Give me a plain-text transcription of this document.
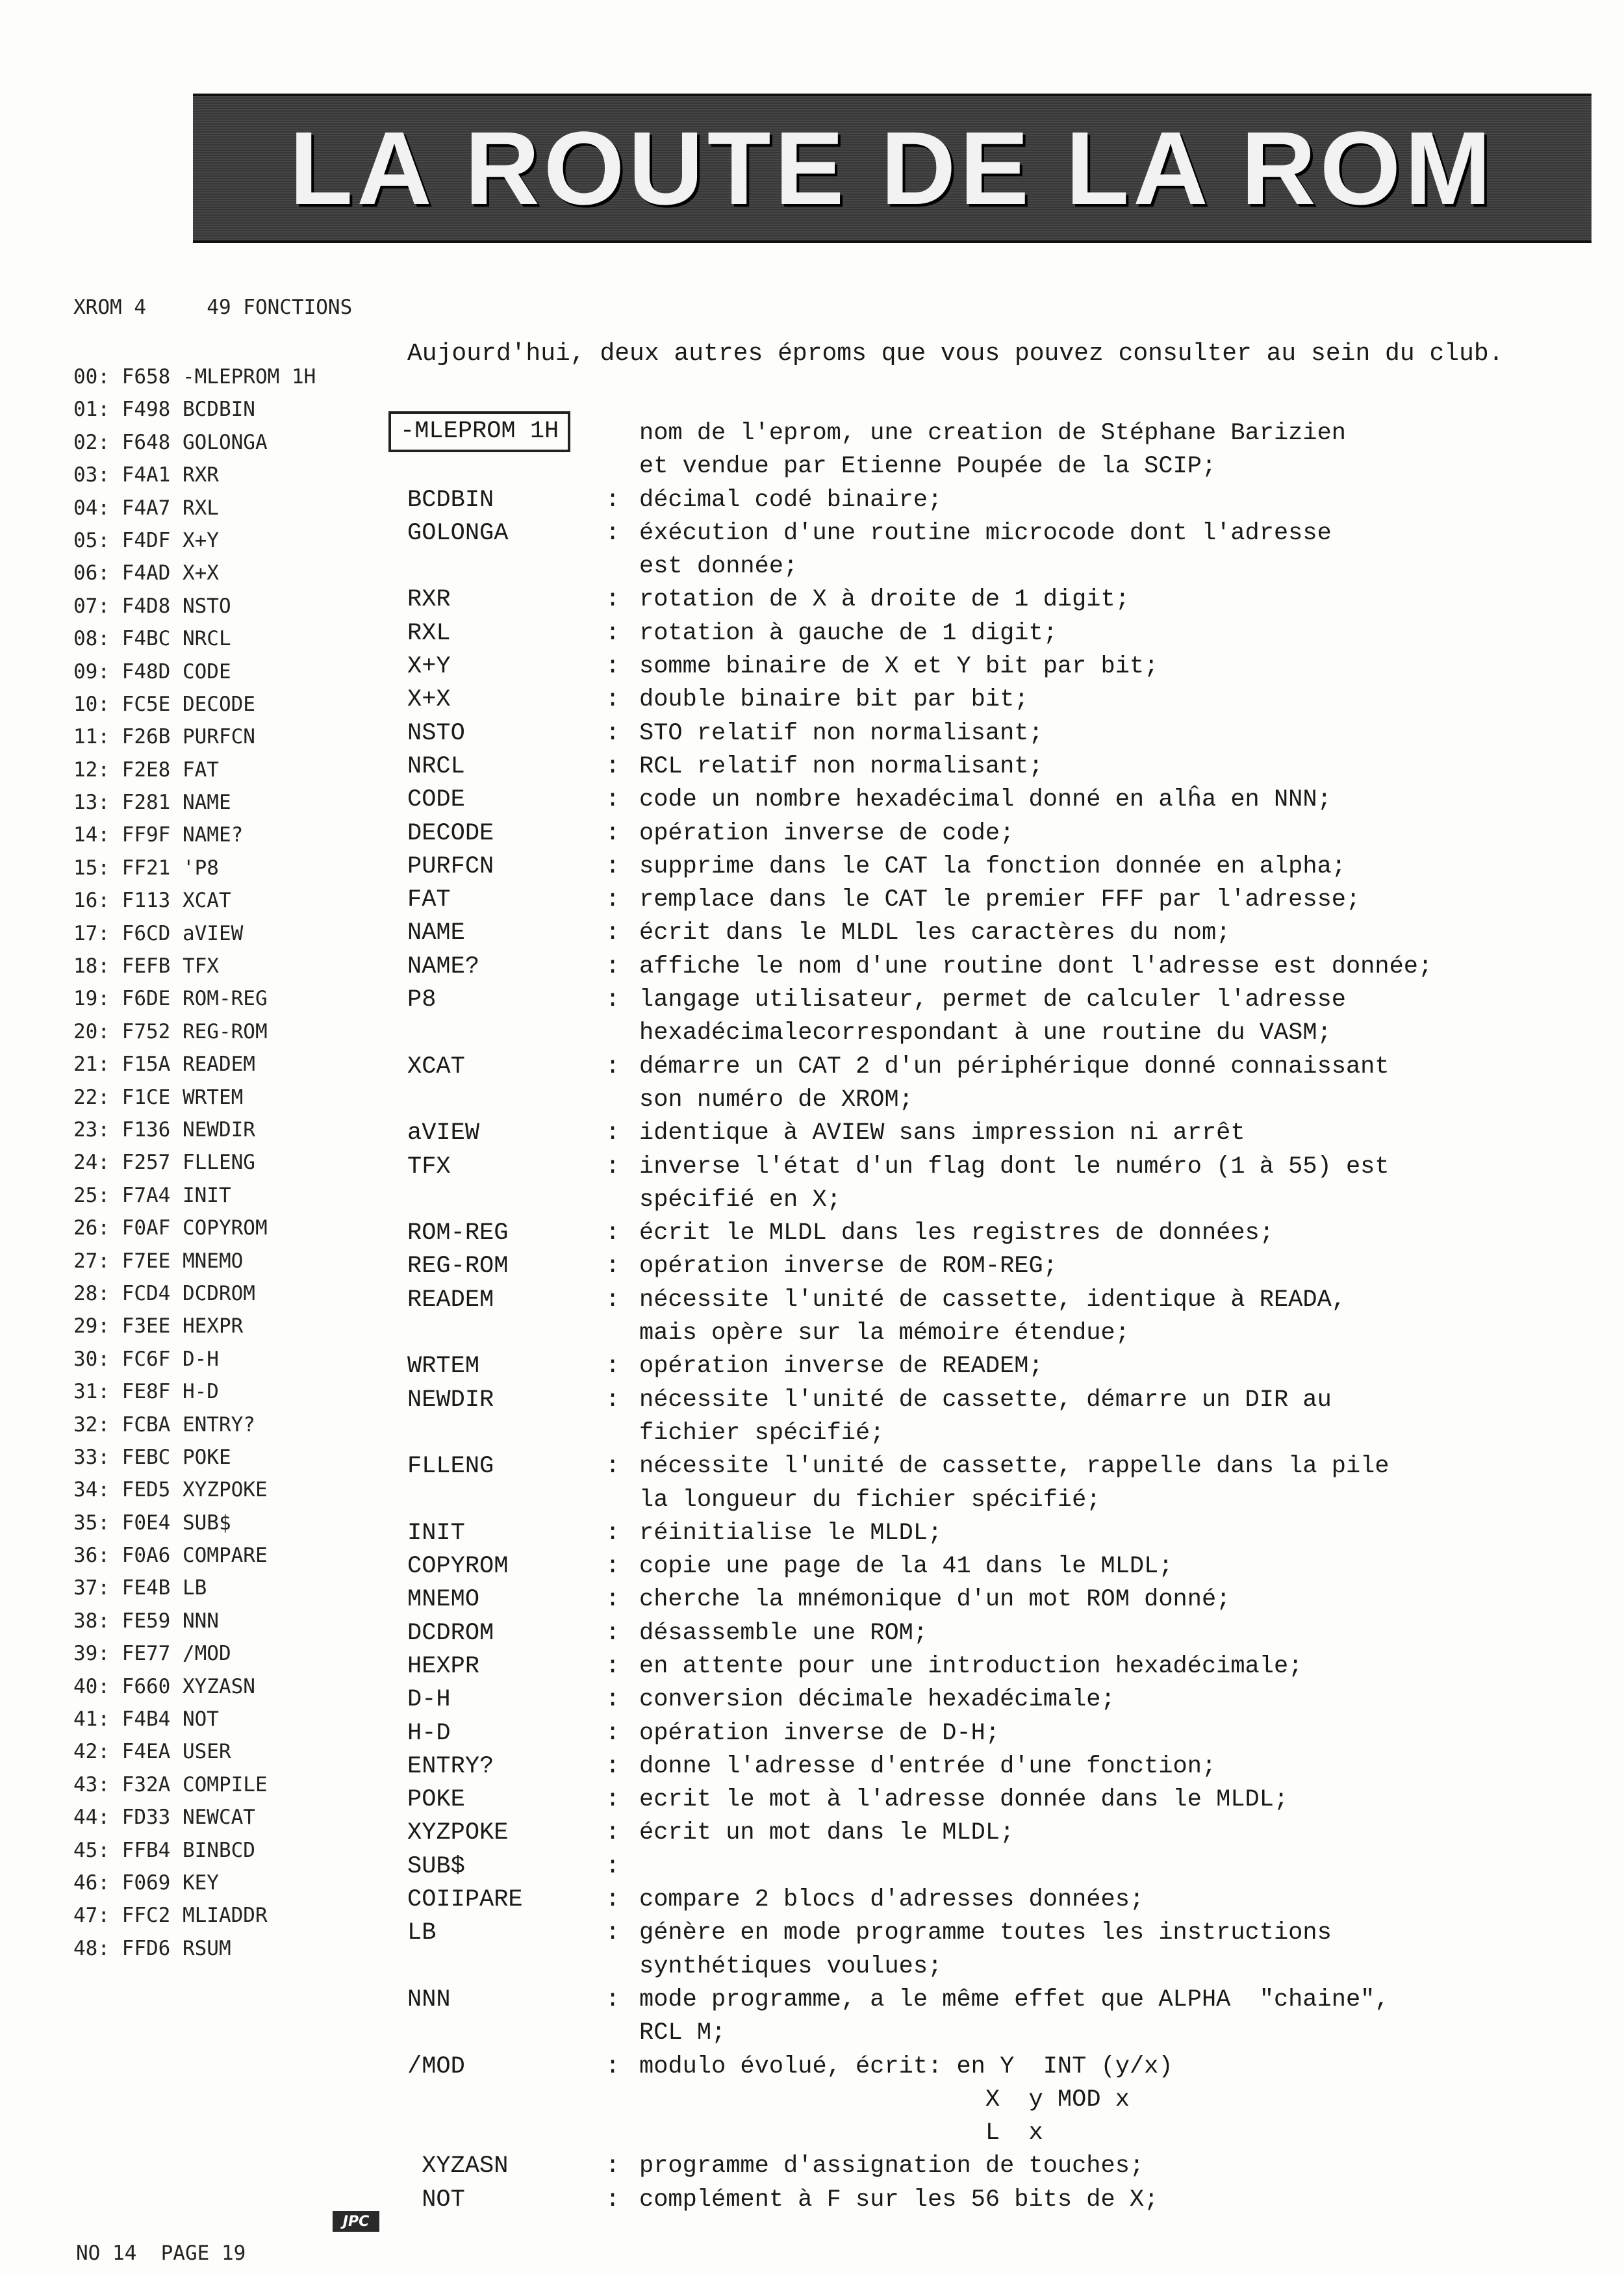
LA ROUTE DE LA ROM
XROM 4     49 FONCTIONS
00: F658 -MLEPROM 1H
01: F498 BCDBIN
02: F648 GOLONGA
03: F4A1 RXR
04: F4A7 RXL
05: F4DF X+Y
06: F4AD X+X
07: F4D8 NSTO
08: F4BC NRCL
09: F48D CODE
10: FC5E DECODE
11: F26B PURFCN
12: F2E8 FAT
13: F281 NAME
14: FF9F NAME?
15: FF21 'P8
16: F113 XCAT
17: F6CD aVIEW
18: FEFB TFX
19: F6DE ROM-REG
20: F752 REG-ROM
21: F15A READEM
22: F1CE WRTEM
23: F136 NEWDIR
24: F257 FLLENG
25: F7A4 INIT
26: F0AF COPYROM
27: F7EE MNEMO
28: FCD4 DCDROM
29: F3EE HEXPR
30: FC6F D-H
31: FE8F H-D
32: FCBA ENTRY?
33: FEBC POKE
34: FED5 XYZPOKE
35: F0E4 SUB$
36: F0A6 COMPARE
37: FE4B LB
38: FE59 NNN
39: FE77 /MOD
40: F660 XYZASN
41: F4B4 NOT
42: F4EA USER
43: F32A COMPILE
44: FD33 NEWCAT
45: FFB4 BINBCD
46: F069 KEY
47: FFC2 MLIADDR
48: FFD6 RSUM
Aujourd'hui, deux autres éproms que vous pouvez consulter au sein du club.
-MLEPROM 1H	nom de l'eprom, une creation de Stéphane Barizien
et vendue par Etienne Poupée de la SCIP;
BCDBIN	: décimal codé binaire;
GOLONGA	: éxécution d'une routine microcode dont l'adresse
est donnée;
RXR	: rotation de X à droite de 1 digit;
RXL	: rotation à gauche de 1 digit;
X+Y	: somme binaire de X et Y bit par bit;
X+X	: double binaire bit par bit;
NSTO	: STO relatif non normalisant;
NRCL	: RCL relatif non normalisant;
CODE	: code un nombre hexadécimal donné en alĥa en NNN;
DECODE	: opération inverse de code;
PURFCN	: supprime dans le CAT la fonction donnée en alpha;
FAT	: remplace dans le CAT le premier FFF par l'adresse;
NAME	: écrit dans le MLDL les caractères du nom;
NAME?	: affiche le nom d'une routine dont l'adresse est donnée;
P8	: langage utilisateur, permet de calculer l'adresse
hexadécimalecorrespondant à une routine du VASM;
XCAT	: démarre un CAT 2 d'un périphérique donné connaissant
son numéro de XROM;
aVIEW	: identique à AVIEW sans impression ni arrêt
TFX	: inverse l'état d'un flag dont le numéro (1 à 55) est
spécifié en X;
ROM-REG	: écrit le MLDL dans les registres de données;
REG-ROM	: opération inverse de ROM-REG;
READEM	: nécessite l'unité de cassette, identique à READA,
mais opère sur la mémoire étendue;
WRTEM	: opération inverse de READEM;
NEWDIR	: nécessite l'unité de cassette, démarre un DIR au
fichier spécifié;
FLLENG	: nécessite l'unité de cassette, rappelle dans la pile
la longueur du fichier spécifié;
INIT	: réinitialise le MLDL;
COPYROM	: copie une page de la 41 dans le MLDL;
MNEMO	: cherche la mnémonique d'un mot ROM donné;
DCDROM	: désassemble une ROM;
HEXPR	: en attente pour une introduction hexadécimale;
D-H	: conversion décimale hexadécimale;
H-D	: opération inverse de D-H;
ENTRY?	: donne l'adresse d'entrée d'une fonction;
POKE	: ecrit le mot à l'adresse donnée dans le MLDL;
XYZPOKE	: écrit un mot dans le MLDL;
SUB$	:

COIIPARE	: compare 2 blocs d'adresses données;
LB	: génère en mode programme toutes les instructions
synthétiques voulues;
NNN	: mode programme, a le même effet que ALPHA  "chaine",
RCL M;
/MOD	: modulo évolué, écrit: en Y  INT (y/x)
X  y MOD x
L  x
XYZASN	: programme d'assignation de touches;
NOT	: complément à F sur les 56 bits de X;
JPC
NO 14  PAGE 19
